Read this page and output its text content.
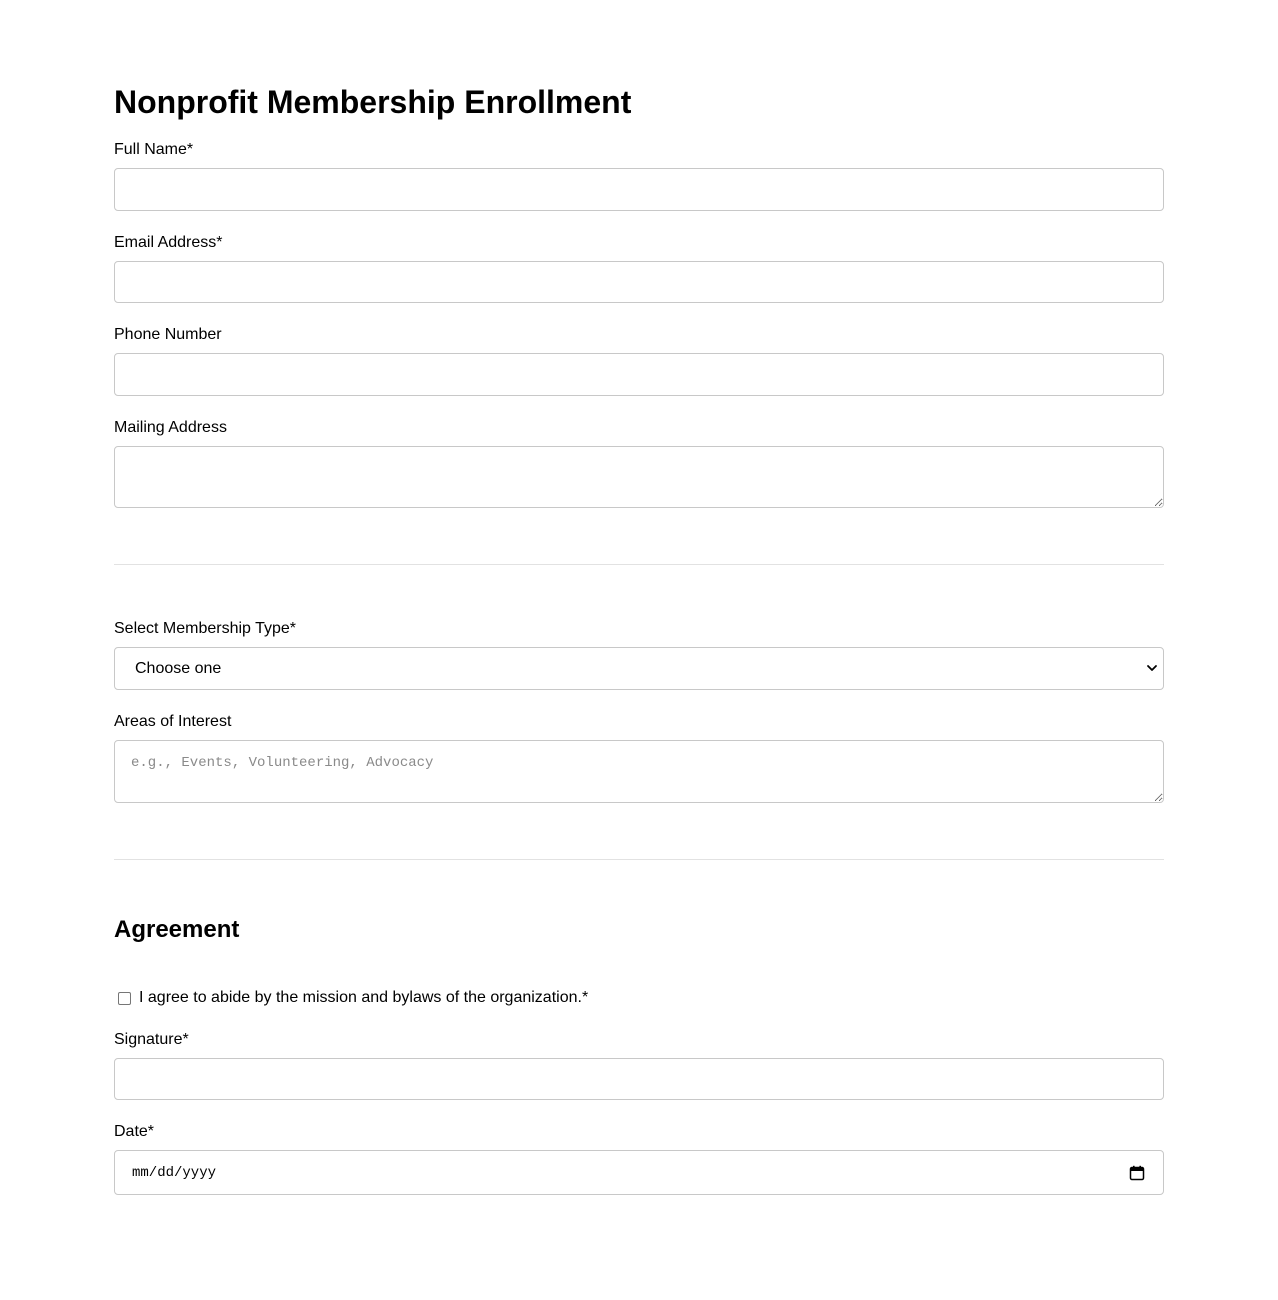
Nonprofit Membership Enrollment
Full Name*
Email Address*
Phone Number
Mailing Address
Select Membership Type*
Choose one
Areas of Interest
e.g., Events, Volunteering, Advocacy
Agreement
I agree to abide by the mission and bylaws of the organization.*
Signature*
Date*
mm/dd/yyyy
